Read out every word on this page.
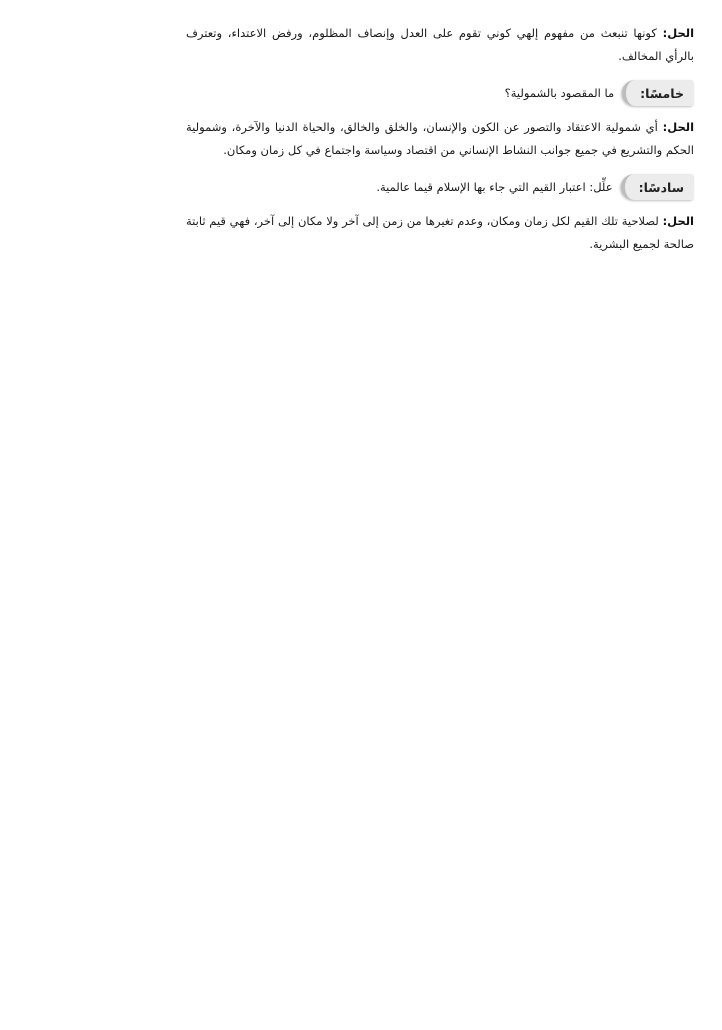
الحل: كونها تنبعث من مفهوم إلهي كوني تقوم على العدل وإنصاف المظلوم، ورفض الاعتداء، وتعترف بالرأي المخالف.

خامسًا:
ما المقصود بالشمولية؟

الحل: أي شمولية الاعتقاد والتصور عن الكون والإنسان، والخلق والخالق، والحياة الدنيا والآخرة، وشمولية الحكم والتشريع في جميع جوانب النشاط الإنساني من اقتصاد وسياسة واجتماع في كل زمان ومكان.

سادسًا:
علِّل: اعتبار القيم التي جاء بها الإسلام قيما عالمية.

الحل: لصلاحية تلك القيم لكل زمان ومكان، وعدم تغيرها من زمن إلى آخر ولا مكان إلى آخر، فهي قيم ثابتة صالحة لجميع البشرية.
